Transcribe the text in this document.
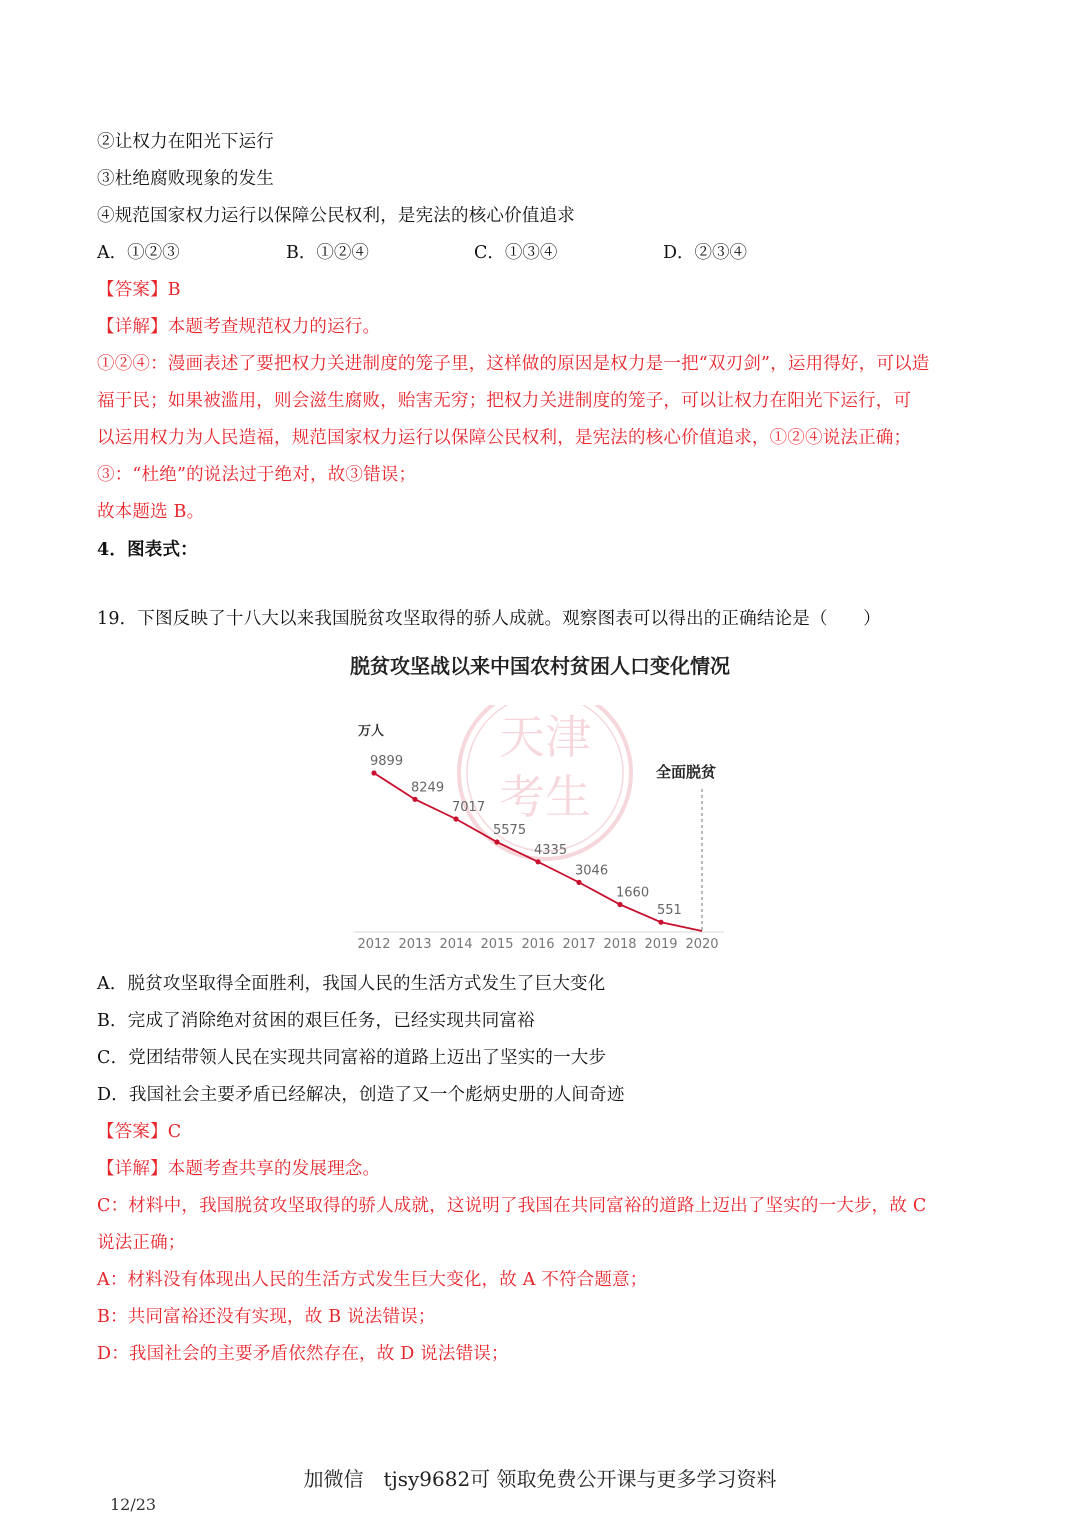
②让权力在阳光下运行
③杜绝腐败现象的发生
④规范国家权力运行以保障公民权利，是宪法的核心价值追求
A．①②③	B．①②④	C．①③④	D．②③④
【答案】B
【详解】本题考查规范权力的运行。
①②④：漫画表述了要把权力关进制度的笼子里，这样做的原因是权力是一把“双刃剑”，运用得好，可以造
福于民；如果被滥用，则会滋生腐败，贻害无穷；把权力关进制度的笼子，可以让权力在阳光下运行，可
以运用权力为人民造福，规范国家权力运行以保障公民权利，是宪法的核心价值追求，①②④说法正确；
③：“杜绝”的说法过于绝对，故③错误；
故本题选 B。
4．图表式：
19．下图反映了十八大以来我国脱贫攻坚取得的骄人成就。观察图表可以得出的正确结论是（　　）
脱贫攻坚战以来中国农村贫困人口变化情况
天津
考生
万人
全面脱贫
9899
2012
8249
2013
7017
2014
5575
2015
4335
2016
3046
2017
1660
2018
551
2019 2020
A．脱贫攻坚取得全面胜利，我国人民的生活方式发生了巨大变化
B．完成了消除绝对贫困的艰巨任务，已经实现共同富裕
C．党团结带领人民在实现共同富裕的道路上迈出了坚实的一大步
D．我国社会主要矛盾已经解决，创造了又一个彪炳史册的人间奇迹
【答案】C
【详解】本题考查共享的发展理念。
C：材料中，我国脱贫攻坚取得的骄人成就，这说明了我国在共同富裕的道路上迈出了坚实的一大步，故 C
说法正确；
A：材料没有体现出人民的生活方式发生巨大变化，故 A 不符合题意；
B：共同富裕还没有实现，故 B 说法错误；
D：我国社会的主要矛盾依然存在，故 D 说法错误；
加微信　tjsy9682可 领取免费公开课与更多学习资料
12/23
